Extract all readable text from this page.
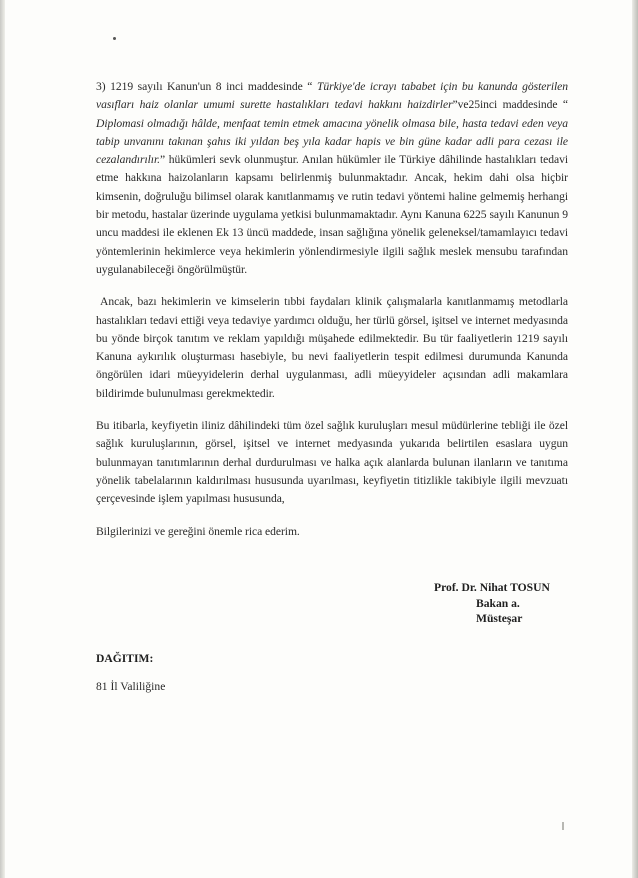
3) 1219 sayılı Kanun'un 8 inci maddesinde “ Türkiye'de icrayı tababet için bu kanunda gösterilen vasıfları haiz olanlar umumi surette hastalıkları tedavi hakkını haizdirler”ve25inci maddesinde “ Diplomasi olmadığı hâlde, menfaat temin etmek amacına yönelik olmasa bile, hasta tedavi eden veya tabip unvanını takınan şahıs iki yıldan beş yıla kadar hapis ve bin güne kadar adli para cezası ile cezalandırılır.” hükümleri sevk olunmuştur. Anılan hükümler ile Türkiye dâhilinde hastalıkları tedavi etme hakkına haizolanların kapsamı belirlenmiş bulunmaktadır. Ancak, hekim dahi olsa hiçbir kimsenin, doğruluğu bilimsel olarak kanıtlanmamış ve rutin tedavi yöntemi haline gelmemiş herhangi bir metodu, hastalar üzerinde uygulama yetkisi bulunmamaktadır. Aynı Kanuna 6225 sayılı Kanunun 9 uncu maddesi ile eklenen Ek 13 üncü maddede, insan sağlığına yönelik geleneksel/tamamlayıcı tedavi yöntemlerinin hekimlerce veya hekimlerin yönlendirmesiyle ilgili sağlık meslek mensubu tarafından uygulanabileceği öngörülmüştür.

Ancak, bazı hekimlerin ve kimselerin tıbbi faydaları klinik çalışmalarla kanıtlanmamış metodlarla hastalıkları tedavi ettiği veya tedaviye yardımcı olduğu, her türlü görsel, işitsel ve internet medyasında bu yönde birçok tanıtım ve reklam yapıldığı müşahede edilmektedir. Bu tür faaliyetlerin 1219 sayılı Kanuna aykırılık oluşturması hasebiyle, bu nevi faaliyetlerin tespit edilmesi durumunda Kanunda öngörülen idari müeyyidelerin derhal uygulanması, adli müeyyideler açısından adli makamlara bildirimde bulunulması gerekmektedir.

Bu itibarla, keyfiyetin iliniz dâhilindeki tüm özel sağlık kuruluşları mesul müdürlerine tebliği ile özel sağlık kuruluşlarının, görsel, işitsel ve internet medyasında yukarıda belirtilen esaslara uygun bulunmayan tanıtımlarının derhal durdurulması ve halka açık alanlarda bulunan ilanların ve tanıtıma yönelik tabelalarının kaldırılması hususunda uyarılması, keyfiyetin titizlikle takibiyle ilgili mevzuatı çerçevesinde işlem yapılması hususunda,

Bilgilerinizi ve gereğini önemle rica ederim.

Prof. Dr. Nihat TOSUN
Bakan a.
Müsteşar
DAĞITIM:
81 İl Valiliğine
